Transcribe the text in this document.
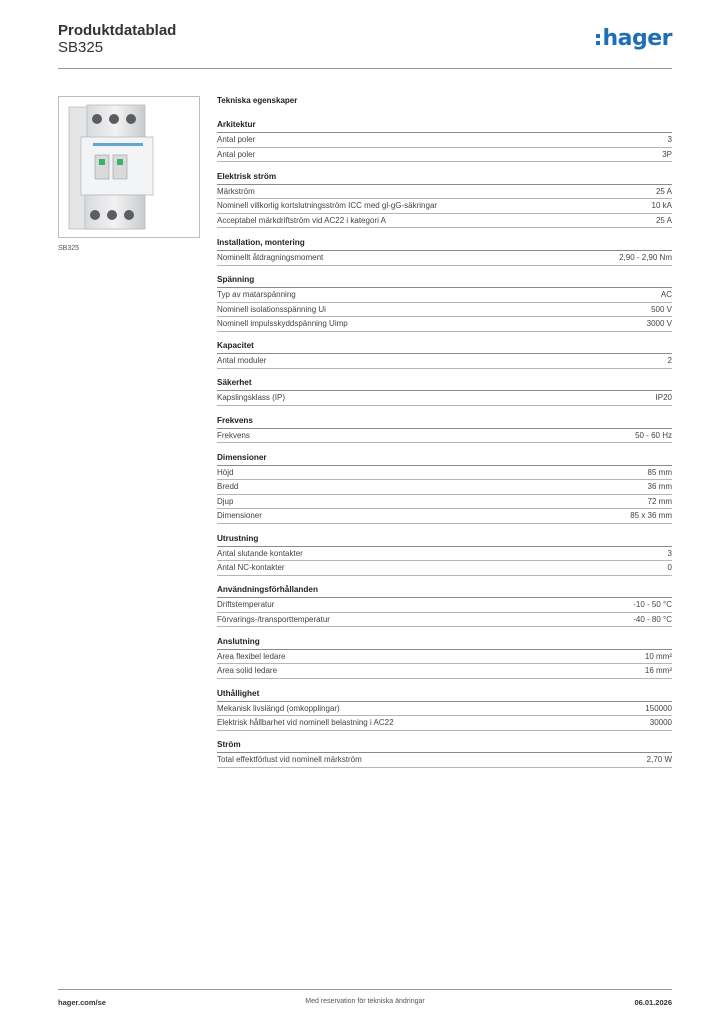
Produktdatablad
SB325	hager
SB325
Tekniska egenskaper
Arkitektur
Antal poler	3
Antal poler	3P
Elektrisk ström
Märkström	25 A
Nominell villkorlig kortslutningsström ICC med gl-gG-säkringar	10 kA
Acceptabel märkdriftström vid AC22 i kategori A	25 A
Installation, montering
Nominellt åtdragningsmoment	2,90 - 2,90 Nm
Spänning
Typ av matarspänning	AC
Nominell isolationsspänning Ui	500 V
Nominell impulsskyddspänning Uimp	3000 V
Kapacitet
Antal moduler	2
Säkerhet
Kapslingsklass (IP)	IP20
Frekvens
Frekvens	50 - 60 Hz
Dimensioner
Höjd	85 mm
Bredd	36 mm
Djup	72 mm
Dimensioner	85 x 36 mm
Utrustning
Antal slutande kontakter	3
Antal NC-kontakter	0
Användningsförhållanden
Driftstemperatur	-10 - 50 °C
Förvarings-/transporttemperatur	-40 - 80 °C
Anslutning
Area flexibel ledare	10 mm²
Area solid ledare	16 mm²
Uthållighet
Mekanisk livslängd (omkopplingar)	150000
Elektrisk hållbarhet vid nominell belastning i AC22	30000
Ström
Total effektförlust vid nominell märkström	2,70 W
Med reservation för tekniska ändringar
hager.com/se	06.01.2026
